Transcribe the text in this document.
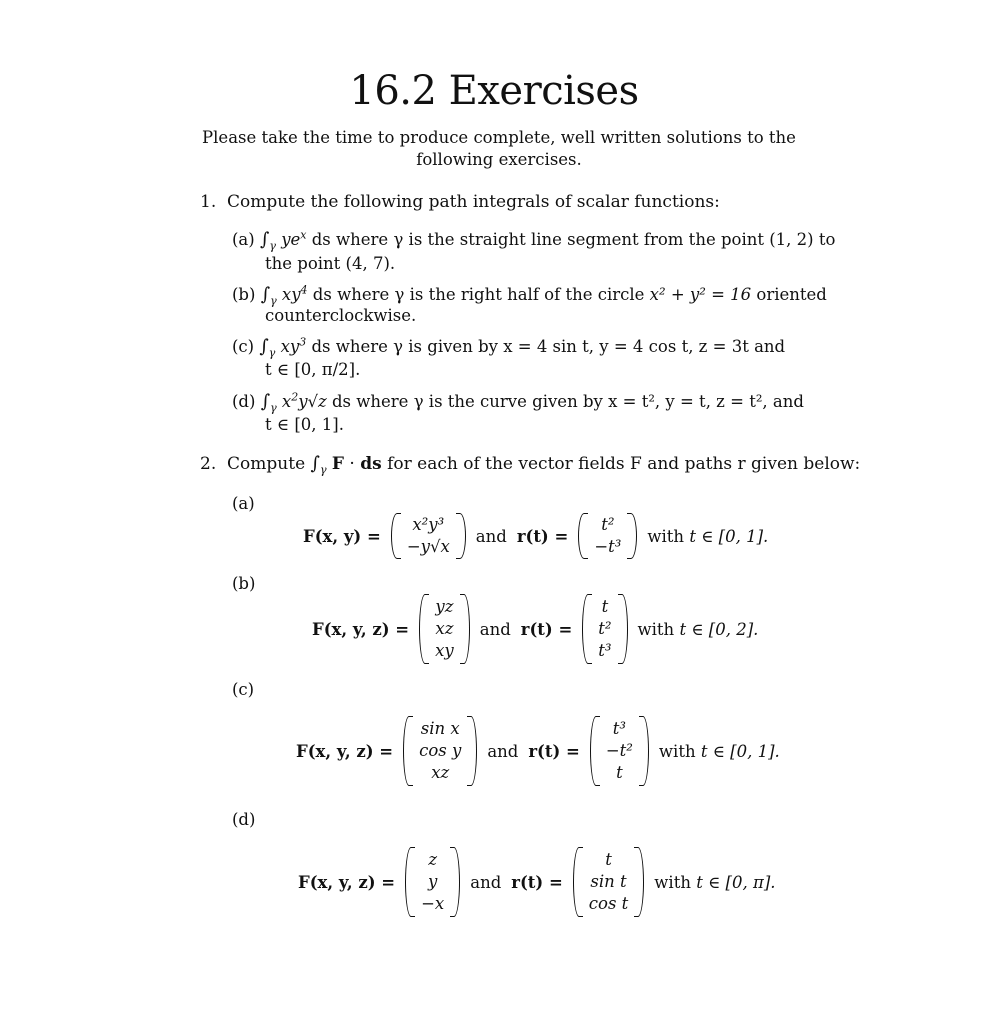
16.2 Exercises
Please take the time to produce complete, well written solutions to the following exercises.
1. Compute the following path integrals of scalar functions:
(a) $\int_\gamma$ $ye^x$ ds where γ is the straight line segment from the point (1, 2) to
the point (4, 7).
(b) $\int_\gamma$ $xy^4$ ds where γ is the right half of the circle x² + y² = 16 oriented
counterclockwise.
(c) $\int_\gamma$ $xy^3$ ds where γ is given by x = 4 sin t, y = 4 cos t, z = 3t and
t ∈ [0, π/2].
(d) $\int_\gamma$ $x^2y√z$ ds where γ is the curve given by x = t², y = t, z = t², and
t ∈ [0, 1].
2. Compute $\int_\gamma$ F · ds for each of the vector fields F and paths r given below:
(a)
F(x, y) =
x²y³
−y√x
and r(t) =
t²
−t³
with
t ∈ [0, 1].
(b)
F(x, y, z) =
yz
xz
xy
and r(t) =
t
t²
t³
with
t ∈ [0, 2].
(c)
F(x, y, z) =
sin x
cos y
xz
and r(t) =
t³
−t²
t
with
t ∈ [0, 1].
(d)
F(x, y, z) =
z
y
−x
and r(t) =
t
sin t
cos t
with
t ∈ [0, π].
